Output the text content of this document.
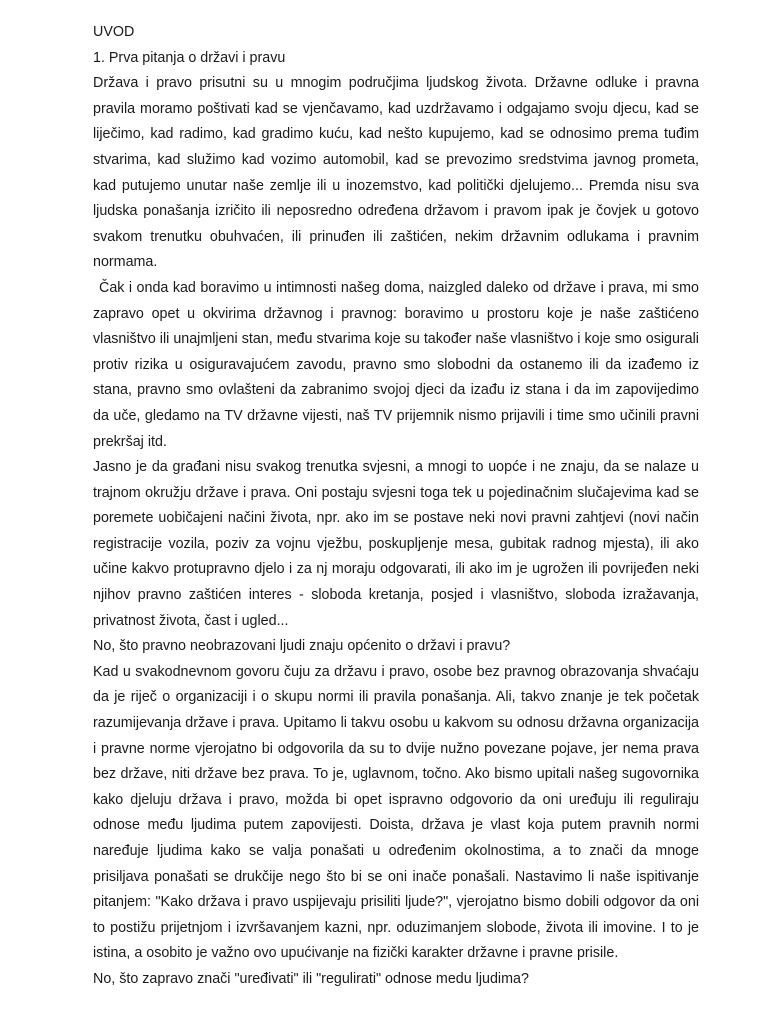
UVOD

1. Prva pitanja o državi i pravu

Država i pravo prisutni su u mnogim područjima ljudskog života. Državne odluke i pravna pravila moramo poštivati kad se vjenčavamo, kad uzdržavamo i odgajamo svoju djecu, kad se liječimo, kad radimo, kad gradimo kuću, kad nešto kupujemo, kad se odnosimo prema tuđim stvarima, kad služimo kad vozimo automobil, kad se prevozimo sredstvima javnog prometa, kad putujemo unutar naše zemlje ili u inozemstvo, kad politički djelujemo... Premda nisu sva ljudska ponašanja izričito ili neposredno određena državom i pravom ipak je čovjek u gotovo svakom trenutku obuhvaćen, ili prinuđen ili zaštićen, nekim državnim odlukama i pravnim normama.

Čak i onda kad boravimo u intimnosti našeg doma, naizgled daleko od države i prava, mi smo zapravo opet u okvirima državnog i pravnog: boravimo u prostoru koje je naše zaštićeno vlasništvo ili unajmljeni stan, među stvarima koje su također naše vlasništvo i koje smo osigurali protiv rizika u osiguravajućem zavodu, pravno smo slobodni da ostanemo ili da izađemo iz stana, pravno smo ovlašteni da zabranimo svojoj djeci da izađu iz stana i da im zapovijedimo da uče, gledamo na TV državne vijesti, naš TV prijemnik nismo prijavili i time smo učinili pravni prekršaj itd.

Jasno je da građani nisu svakog trenutka svjesni, a mnogi to uopće i ne znaju, da se nalaze u trajnom okružju države i prava. Oni postaju svjesni toga tek u pojedinačnim slučajevima kad se poremete uobičajeni načini života, npr. ako im se postave neki novi pravni zahtjevi (novi način registracije vozila, poziv za vojnu vježbu, poskupljenje mesa, gubitak radnog mjesta), ili ako učine kakvo protupravno djelo i za nj moraju odgovarati, ili ako im je ugrožen ili povrijeđen neki njihov pravno zaštićen interes - sloboda kretanja, posjed i vlasništvo, sloboda izražavanja, privatnost života, čast i ugled...

No, što pravno neobrazovani ljudi znaju općenito o državi i pravu?

Kad u svakodnevnom govoru čuju za državu i pravo, osobe bez pravnog obrazovanja shvaćaju da je riječ o organizaciji i o skupu normi ili pravila ponašanja. Ali, takvo znanje je tek početak razumijevanja države i prava. Upitamo li takvu osobu u kakvom su odnosu državna organizacija i pravne norme vjerojatno bi odgovorila da su to dvije nužno povezane pojave, jer nema prava bez države, niti države bez prava. To je, uglavnom, točno. Ako bismo upitali našeg sugovornika kako djeluju država i pravo, možda bi opet ispravno odgovorio da oni uređuju ili reguliraju odnose među ljudima putem zapovijesti. Doista, država je vlast koja putem pravnih normi naređuje ljudima kako se valja ponašati u određenim okolnostima, a to znači da mnoge prisiljava ponašati se drukčije nego što bi se oni inače ponašali. Nastavimo li naše ispitivanje pitanjem: "Kako država i pravo uspijevaju prisiliti ljude?", vjerojatno bismo dobili odgovor da oni to postižu prijetnjom i izvršavanjem kazni, npr. oduzimanjem slobode, života ili imovine. I to je istina, a osobito je važno ovo upućivanje na fizički karakter državne i pravne prisile.

No, što zapravo znači "uređivati" ili "regulirati" odnose medu ljudima?
